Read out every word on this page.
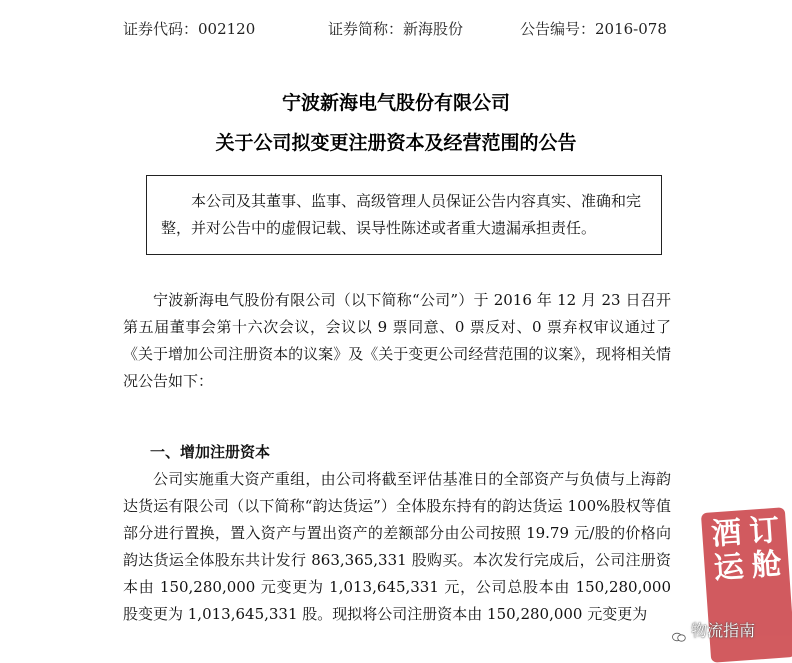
证券代码：002120	证券简称：新海股份	公告编号：2016-078
宁波新海电气股份有限公司
关于公司拟变更注册资本及经营范围的公告

本公司及其董事、监事、高级管理人员保证公告内容真实、准确和完整，并对公告中的虚假记载、误导性陈述或者重大遗漏承担责任。

宁波新海电气股份有限公司（以下简称“公司”）于 2016 年 12 月 23 日召开第五届董事会第十六次会议，会议以 9 票同意、0 票反对、0 票弃权审议通过了《关于增加公司注册资本的议案》及《关于变更公司经营范围的议案》，现将相关情况公告如下：

一、增加注册资本

公司实施重大资产重组，由公司将截至评估基准日的全部资产与负债与上海韵达货运有限公司（以下简称“韵达货运”）全体股东持有的韵达货运 100%股权等值部分进行置换，置入资产与置出资产的差额部分由公司按照 19.79 元/股的价格向韵达货运全体股东共计发行 863,365,331 股购买。本次发行完成后，公司注册资本由 150,280,000 元变更为 1,013,645,331 元，公司总股本由 150,280,000 股变更为 1,013,645,331 股。现拟将公司注册资本由 150,280,000 元变更为

订
舱
酒
运
物流指南
